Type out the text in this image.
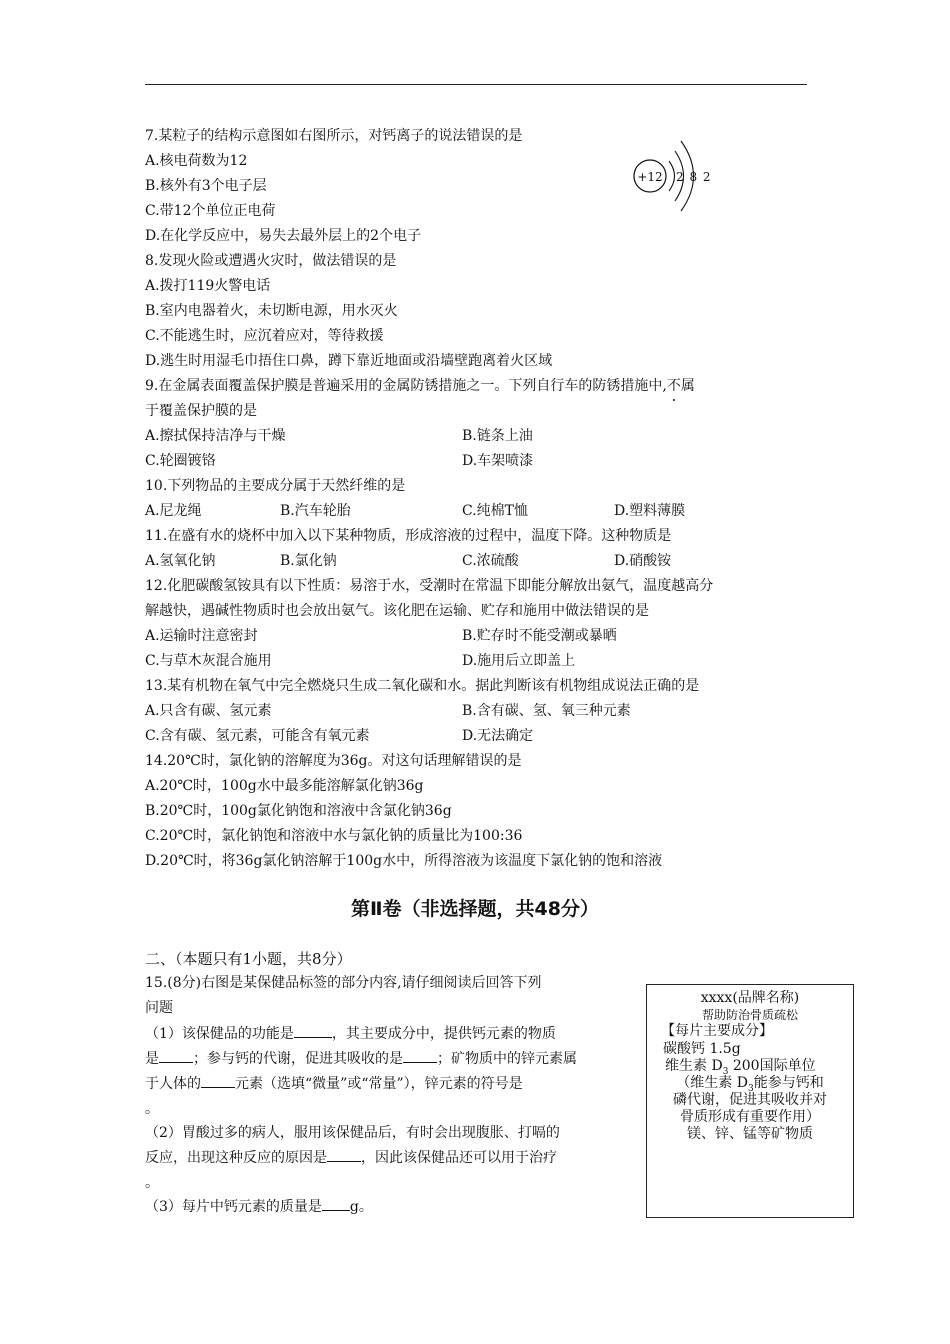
7.某粒子的结构示意图如右图所示，对钙离子的说法错误的是
A.核电荷数为12
B.核外有3个电子层
C.带12个单位正电荷
D.在化学反应中，易失去最外层上的2个电子
+12 2 8 2
8.发现火险或遭遇火灾时，做法错误的是
A.拨打119火警电话
B.室内电器着火，未切断电源，用水灭火
C.不能逃生时，应沉着应对，等待救援
D.逃生时用湿毛巾捂住口鼻，蹲下靠近地面或沿墙壁跑离着火区域
9.在金属表面覆盖保护膜是普遍采用的金属防锈措施之一。下列自行车的防锈措施中,不属
于覆盖保护膜的是
A.擦拭保持洁净与干燥	B.链条上油
C.轮圈镀铬	D.车架喷漆
10.下列物品的主要成分属于天然纤维的是
A.尼龙绳	B.汽车轮胎	C.纯棉T恤	D.塑料薄膜
11.在盛有水的烧杯中加入以下某种物质，形成溶液的过程中，温度下降。这种物质是
A.氢氧化钠	B.氯化钠	C.浓硫酸	D.硝酸铵
12.化肥碳酸氢铵具有以下性质：易溶于水，受潮时在常温下即能分解放出氨气，温度越高分
解越快，遇碱性物质时也会放出氨气。该化肥在运输、贮存和施用中做法错误的是
A.运输时注意密封	B.贮存时不能受潮或暴晒
C.与草木灰混合施用	D.施用后立即盖上
13.某有机物在氧气中完全燃烧只生成二氧化碳和水。据此判断该有机物组成说法正确的是
A.只含有碳、氢元素	B.含有碳、氢、氧三种元素
C.含有碳、氢元素，可能含有氧元素	D.无法确定
14.20℃时，氯化钠的溶解度为36g。对这句话理解错误的是
A.20℃时，100g水中最多能溶解氯化钠36g
B.20℃时，100g氯化钠饱和溶液中含氯化钠36g
C.20℃时，氯化钠饱和溶液中水与氯化钠的质量比为100:36
D.20℃时，将36g氯化钠溶解于100g水中，所得溶液为该温度下氯化钠的饱和溶液
第Ⅱ卷（非选择题，共48分）
二、（本题只有1小题，共8分）
15.(8分)右图是某保健品标签的部分内容,请仔细阅读后回答下列
问题
（1）该保健品的功能是	，其主要成分中，提供钙元素的物质
是 ；参与钙的代谢，促进其吸收的是 ；矿物质中的锌元素属
于人体的 元素（选填“微量”或“常量”），锌元素的符号是
。
（2）胃酸过多的病人，服用该保健品后，有时会出现腹胀、打嗝的
反应，出现这种反应的原因是 ，因此该保健品还可以用于治疗
。
（3）每片中钙元素的质量是 g。
xxxx(品牌名称)
帮助防治骨质疏松
【每片主要成分】
碳酸钙 1.5g
维生素 $D_3$ 200国际单位
（维生素 $D_3$能参与钙和
磷代谢，促进其吸收并对
骨质形成有重要作用）
镁、锌、锰等矿物质
